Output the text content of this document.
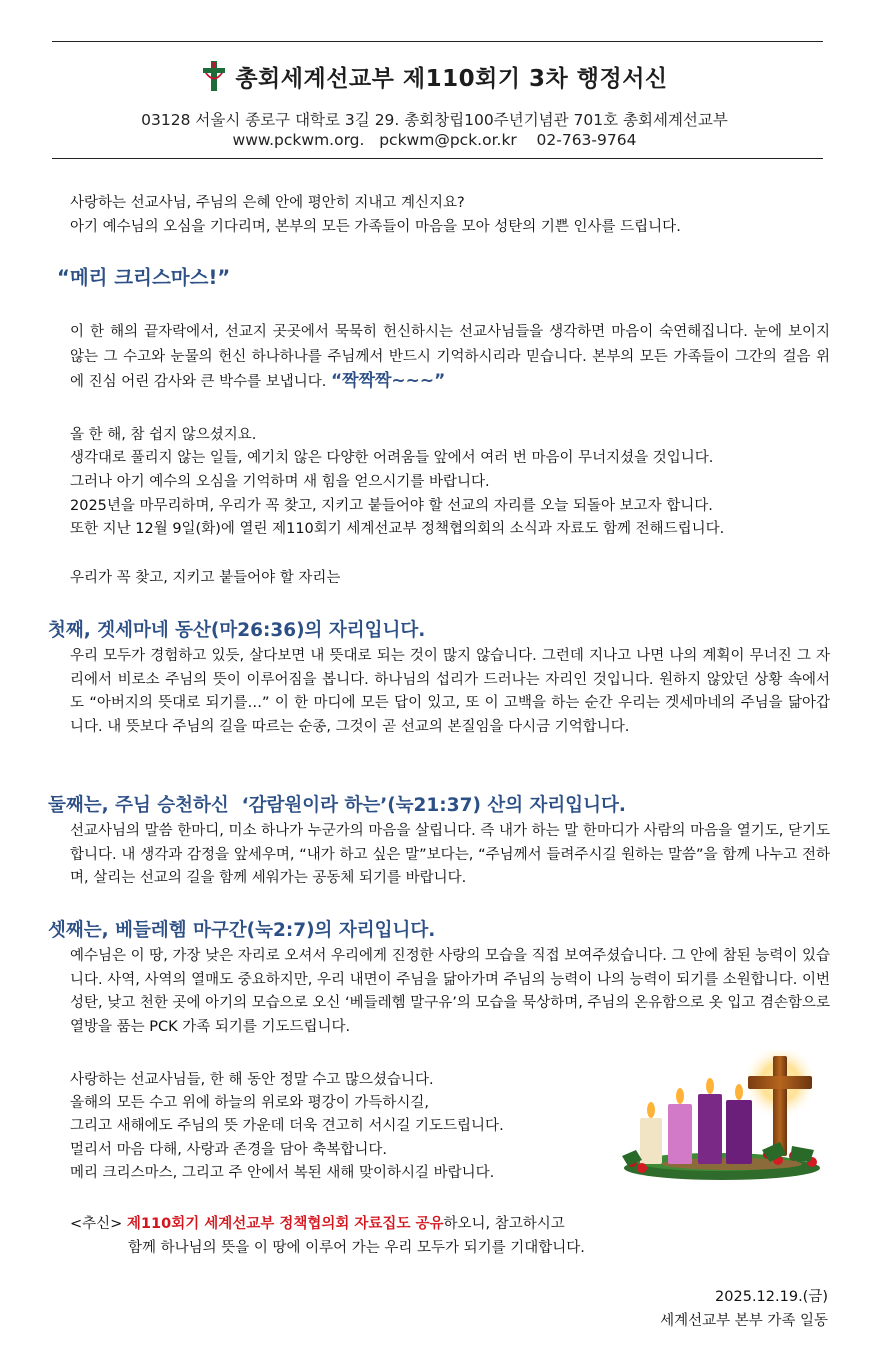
총회세계선교부 제110회기 3차 행정서신
03128 서울시 종로구 대학로 3길 29. 총회창립100주년기념관 701호 총회세계선교부
www.pckwm.org.   pckwm@pck.or.kr    02-763-9764

사랑하는 선교사님, 주님의 은혜 안에 평안히 지내고 계신지요?

아기 예수님의 오심을 기다리며, 본부의 모든 가족들이 마음을 모아 성탄의 기쁜 인사를 드립니다.

“메리 크리스마스!”

이 한 해의 끝자락에서, 선교지 곳곳에서 묵묵히 헌신하시는 선교사님들을 생각하면 마음이 숙연해집니다. 눈에 보이지 않는 그 수고와 눈물의 헌신 하나하나를 주님께서 반드시 기억하시리라 믿습니다. 본부의 모든 가족들이 그간의 걸음 위에 진심 어린 감사와 큰 박수를 보냅니다. “짝짝짝~~~”

올 한 해, 참 쉽지 않으셨지요.

생각대로 풀리지 않는 일들, 예기치 않은 다양한 어려움들 앞에서 여러 번 마음이 무너지셨을 것입니다.

그러나 아기 예수의 오심을 기억하며 새 힘을 얻으시기를 바랍니다.

2025년을 마무리하며, 우리가 꼭 찾고, 지키고 붙들어야 할 선교의 자리를 오늘 되돌아 보고자 합니다.

또한 지난 12월 9일(화)에 열린 제110회기 세계선교부 정책협의회의 소식과 자료도 함께 전해드립니다.

우리가 꼭 찾고, 지키고 붙들어야 할 자리는

첫째, 겟세마네 동산(마26:36)의 자리입니다.

우리 모두가 경험하고 있듯, 살다보면 내 뜻대로 되는 것이 많지 않습니다. 그런데 지나고 나면 나의 계획이 무너진 그 자리에서 비로소 주님의 뜻이 이루어짐을 봅니다. 하나님의 섭리가 드러나는 자리인 것입니다. 원하지 않았던 상황 속에서도 “아버지의 뜻대로 되기를…” 이 한 마디에 모든 답이 있고, 또 이 고백을 하는 순간 우리는 겟세마네의 주님을 닮아갑니다. 내 뜻보다 주님의 길을 따르는 순종, 그것이 곧 선교의 본질임을 다시금 기억합니다.

둘째는, 주님 승천하신  ‘감람원이라 하는’(눅21:37) 산의 자리입니다.

선교사님의 말씀 한마디, 미소 하나가 누군가의 마음을 살립니다. 즉 내가 하는 말 한마디가 사람의 마음을 열기도, 닫기도 합니다. 내 생각과 감정을 앞세우며, “내가 하고 싶은 말”보다는, “주님께서 들려주시길 원하는 말씀”을 함께 나누고 전하며, 살리는 선교의 길을 함께 세워가는 공동체 되기를 바랍니다.

셋째는, 베들레헴 마구간(눅2:7)의 자리입니다.

예수님은 이 땅, 가장 낮은 자리로 오셔서 우리에게 진정한 사랑의 모습을 직접 보여주셨습니다. 그 안에 참된 능력이 있습니다. 사역, 사역의 열매도 중요하지만, 우리 내면이 주님을 닮아가며 주님의 능력이 나의 능력이 되기를 소원합니다. 이번 성탄, 낮고 천한 곳에 아기의 모습으로 오신 ‘베들레헴 말구유’의 모습을 묵상하며, 주님의 온유함으로 옷 입고 겸손함으로 열방을 품는 PCK 가족 되기를 기도드립니다.

사랑하는 선교사님들, 한 해 동안 정말 수고 많으셨습니다.

올해의 모든 수고 위에 하늘의 위로와 평강이 가득하시길,

그리고 새해에도 주님의 뜻 가운데 더욱 견고히 서시길 기도드립니다.

멀리서 마음 다해, 사랑과 존경을 담아 축복합니다.

메리 크리스마스, 그리고 주 안에서 복된 새해 맞이하시길 바랍니다.

<추신> 제110회기 세계선교부 정책협의회 자료집도 공유하오니, 참고하시고
함께 하나님의 뜻을 이 땅에 이루어 가는 우리 모두가 되기를 기대합니다.
2025.12.19.(금)
세계선교부 본부 가족 일동
